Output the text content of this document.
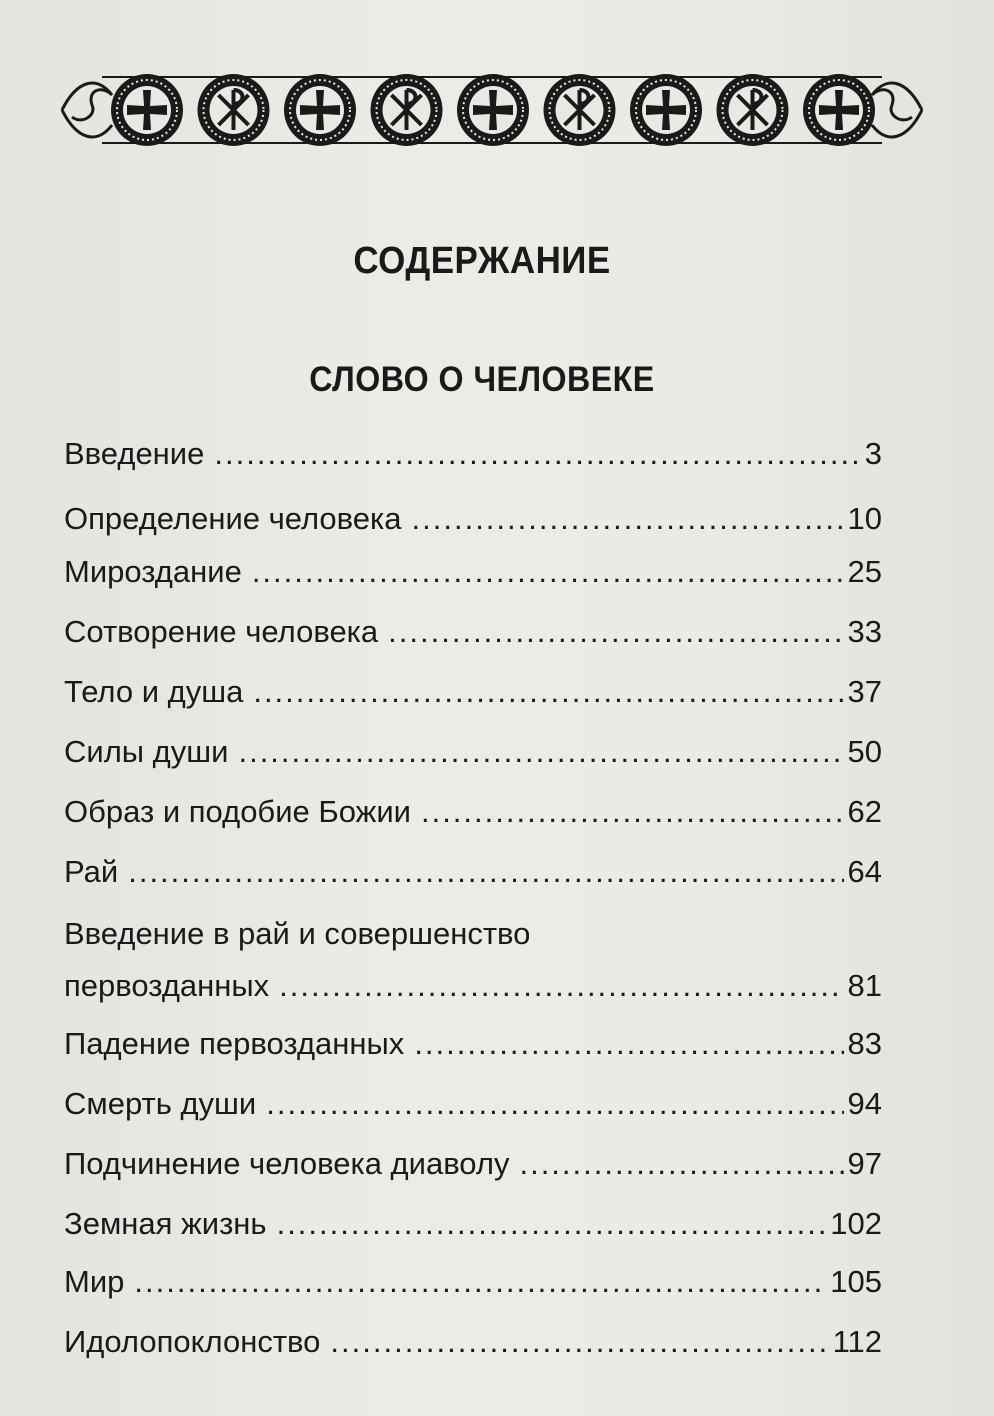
СОДЕРЖАНИЕ
СЛОВО О ЧЕЛОВЕКЕ
Введение .....	3
Определение человека .....	10
Мироздание .....	25
Сотворение человека .....	33
Тело и душа .....	37
Силы души .....	50
Образ и подобие Божии .....	62
Рай .....	64
Введение в рай и совершенство
первозданных .....	81
Падение первозданных .....	83
Смерть души .....	94
Подчинение человека диаволу .....	97
Земная жизнь .....	102
Мир .....	105
Идолопоклонство .....	112
